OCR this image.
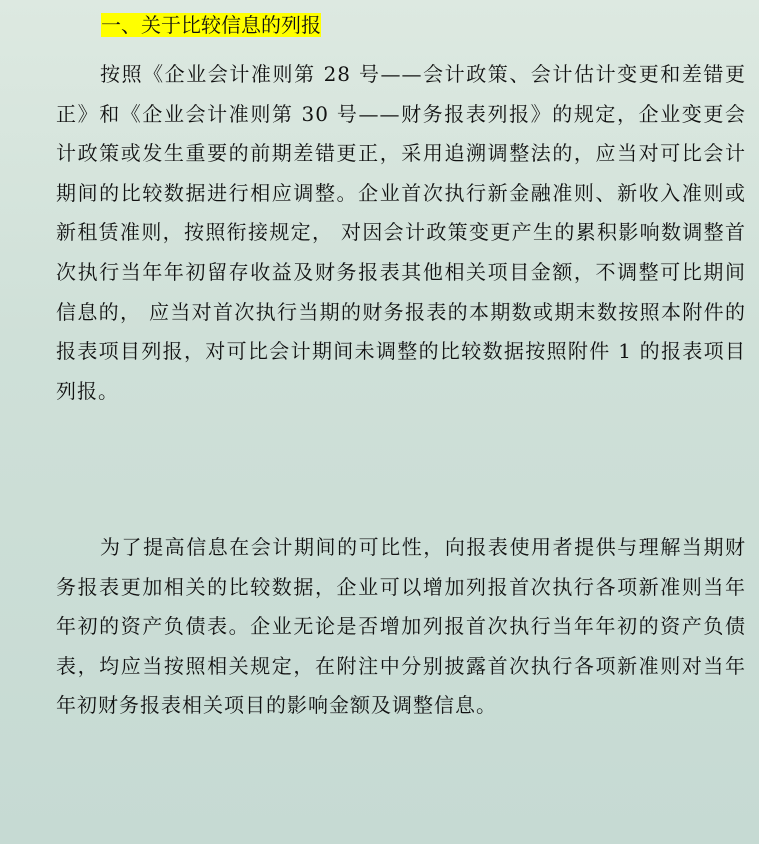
一、关于比较信息的列报

按照《企业会计准则第 28 号——会计政策、会计估计变更和差错更正》和《企业会计准则第 30 号——财务报表列报》的规定，企业变更会计政策或发生重要的前期差错更正，采用追溯调整法的，应当对可比会计期间的比较数据进行相应调整。企业首次执行新金融准则、新收入准则或新租赁准则，按照衔接规定， 对因会计政策变更产生的累积影响数调整首次执行当年年初留存收益及财务报表其他相关项目金额，不调整可比期间信息的， 应当对首次执行当期的财务报表的本期数或期末数按照本附件的报表项目列报，对可比会计期间未调整的比较数据按照附件 1 的报表项目列报。

为了提高信息在会计期间的可比性，向报表使用者提供与理解当期财务报表更加相关的比较数据，企业可以增加列报首次执行各项新准则当年年初的资产负债表。企业无论是否增加列报首次执行当年年初的资产负债表，均应当按照相关规定，在附注中分别披露首次执行各项新准则对当年年初财务报表相关项目的影响金额及调整信息。
